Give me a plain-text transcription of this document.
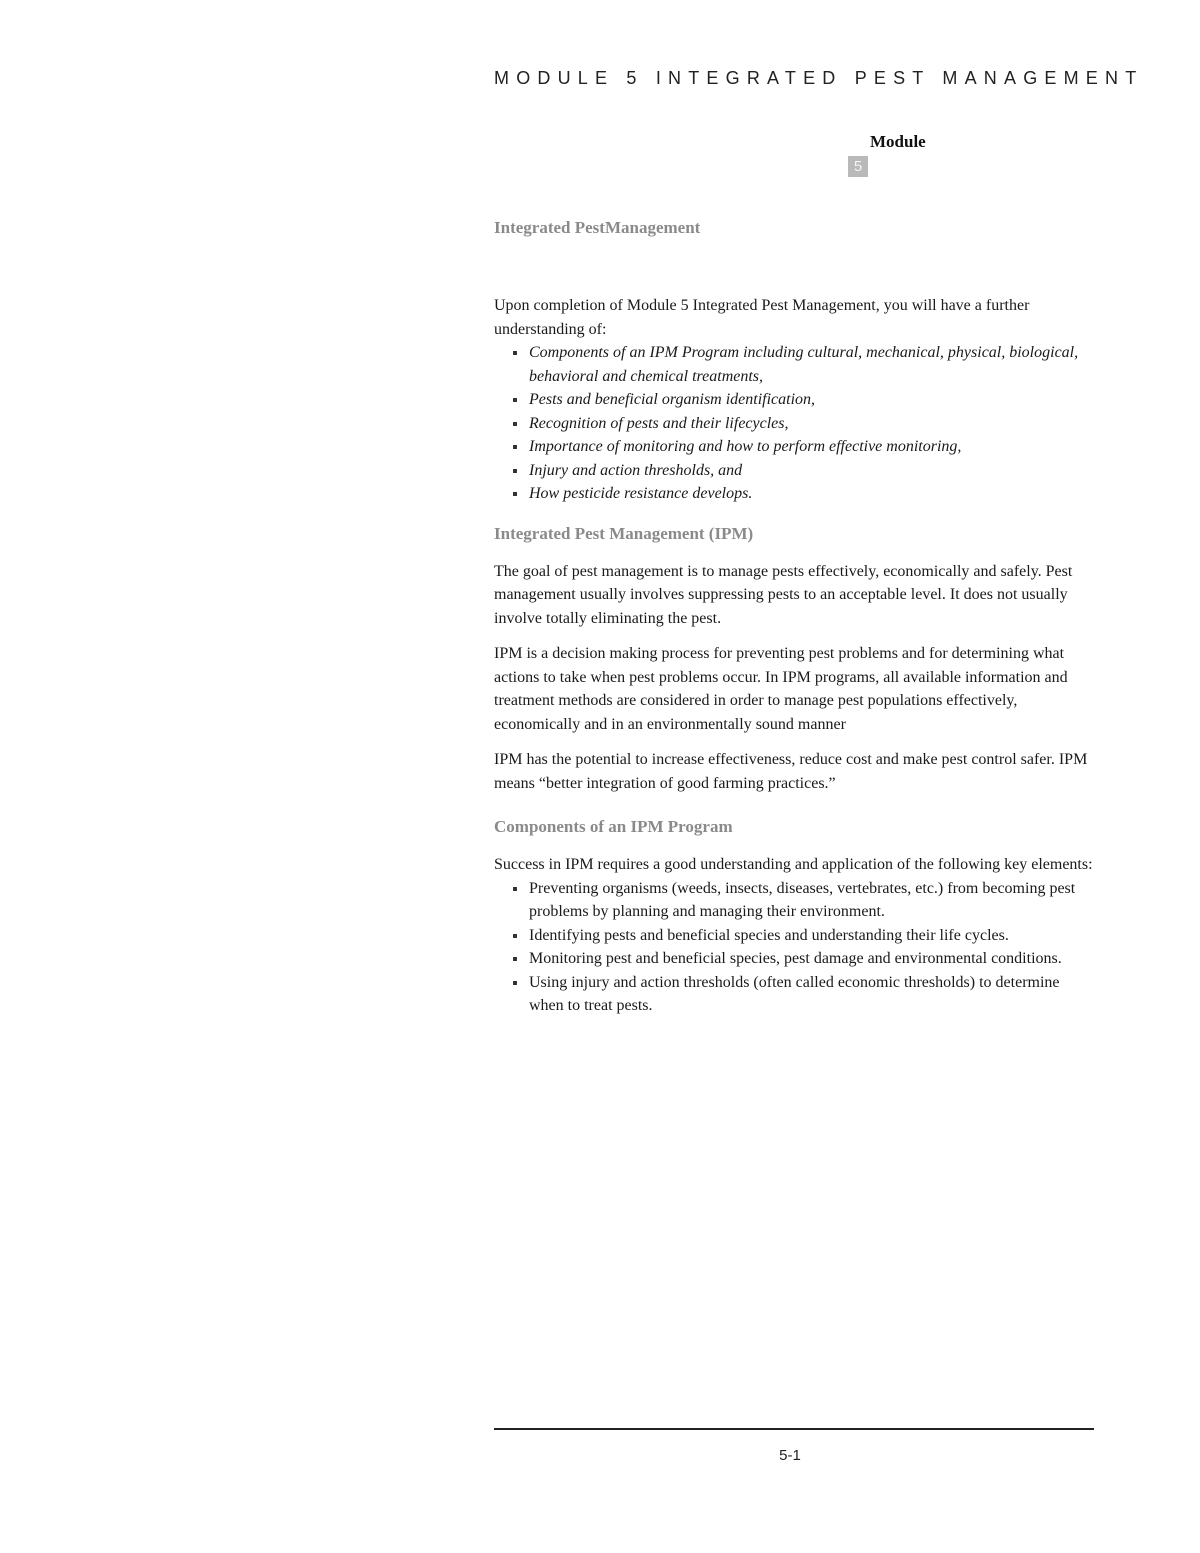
MODULE 5 INTEGRATED PEST MANAGEMENT
Module
5
Integrated PestManagement

Upon completion of Module 5 Integrated Pest Management, you will have a further understanding of:

Components of an IPM Program including cultural, mechanical, physical, biological, behavioral and chemical treatments,
Pests and beneficial organism identification,
Recognition of pests and their lifecycles,
Importance of monitoring and how to perform effective monitoring,
Injury and action thresholds, and
How pesticide resistance develops.
Integrated Pest Management (IPM)

The goal of pest management is to manage pests effectively, economically and safely. Pest management usually involves suppressing pests to an acceptable level. It does not usually involve totally eliminating the pest.

IPM is a decision making process for preventing pest problems and for determining what actions to take when pest problems occur. In IPM programs, all available information and treatment methods are considered in order to manage pest populations effectively, economically and in an environmentally sound manner

IPM has the potential to increase effectiveness, reduce cost and make pest control safer. IPM means “better integration of good farming practices.”

Components of an IPM Program

Success in IPM requires a good understanding and application of the following key elements:

Preventing organisms (weeds, insects, diseases, vertebrates, etc.) from becoming pest problems by planning and managing their environment.
Identifying pests and beneficial species and understanding their life cycles.
Monitoring pest and beneficial species, pest damage and environmental conditions.
Using injury and action thresholds (often called economic thresholds) to determine when to treat pests.
5-1
